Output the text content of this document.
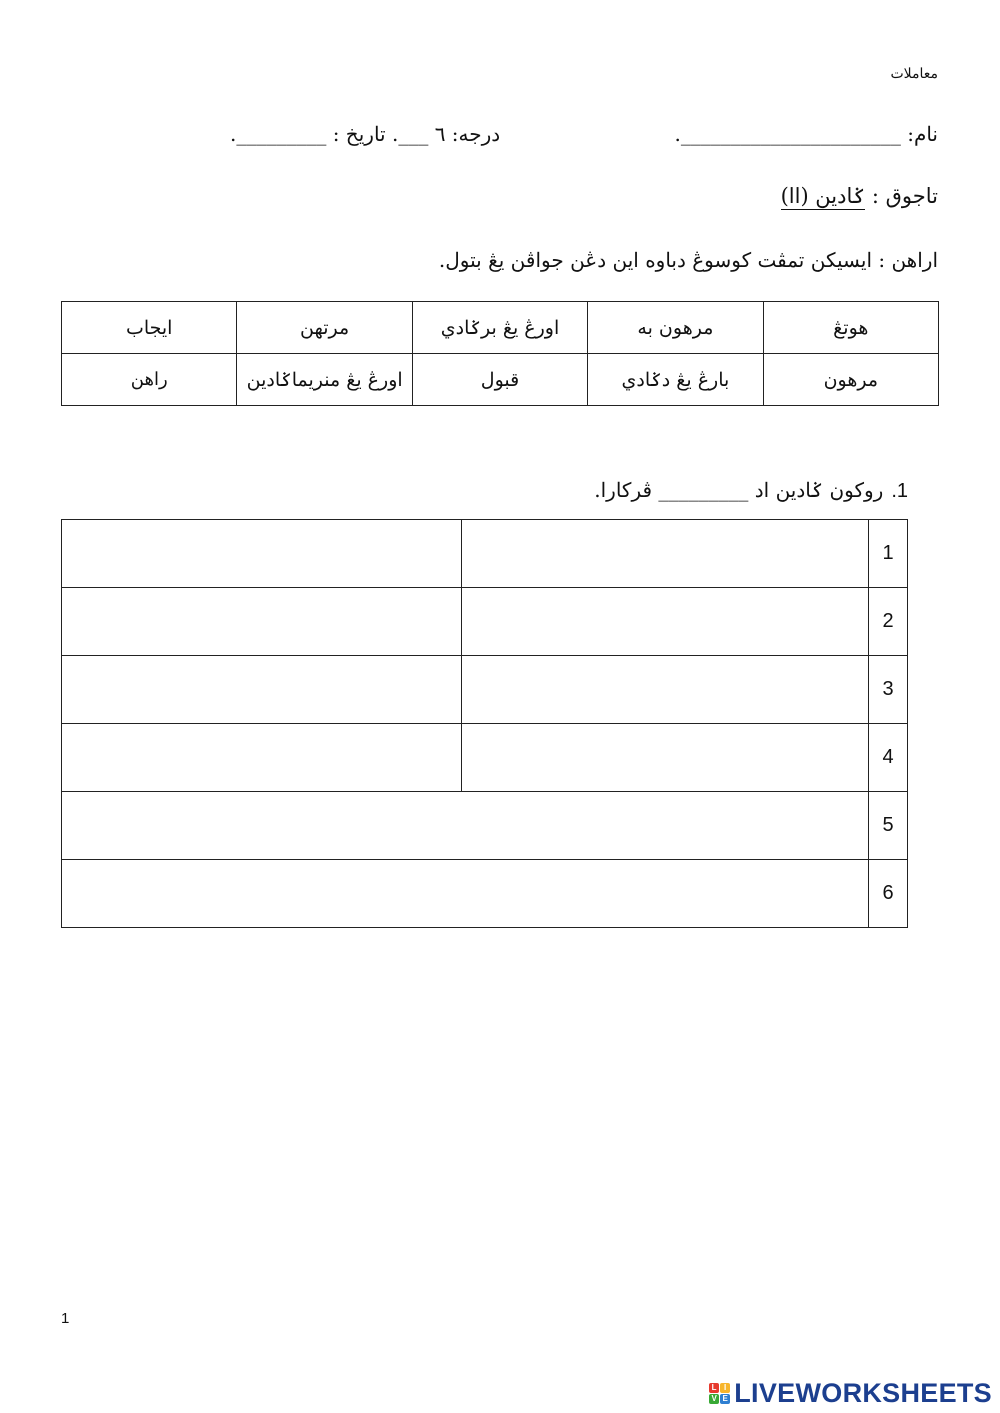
معاملات
نام: ______________________.
درجه: ٦ ___. تاريخ : _________.
تاجوق : ݢادين (اا)
اراهن : ايسيکن تمڤت کوسوڠ دباوه اين دڠن جواڤن يڠ بتول.
هوتڠ	مرهون به	اورڠ يڠ برݢادي	مرتهن	ايجاب
مرهون	بارڠ يڠ دݢادي	قبول	اورڠ يڠ منريماݢادين	راهن
1.روکون ݢادين اد _________ ڤرکارا.
1		
2		
3		
4		
5		
6		
1
L I
V E LIVEWORKSHEETS
